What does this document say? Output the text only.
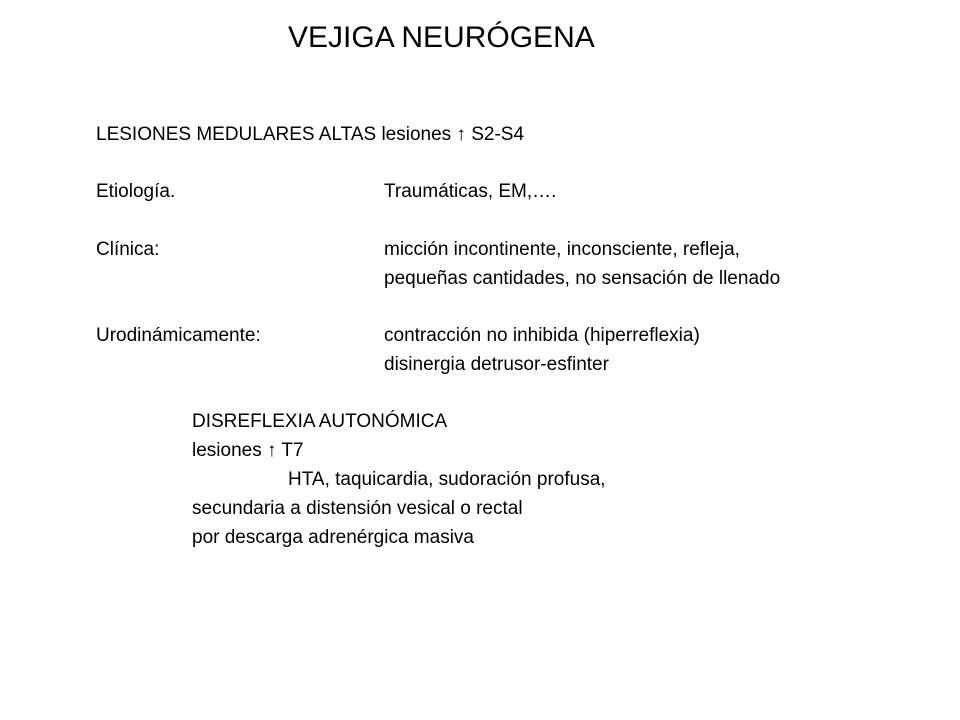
VEJIGA NEURÓGENA
LESIONES MEDULARES ALTAS lesiones ↑ S2-S4
Etiología.	Traumáticas, EM,….
Clínica:	micción incontinente, inconsciente, refleja,
pequeñas cantidades, no sensación de llenado
Urodinámicamente:	contracción no inhibida (hiperreflexia)
disinergia detrusor-esfinter
DISREFLEXIA AUTONÓMICA
lesiones ↑ T7
HTA, taquicardia, sudoración profusa,
secundaria a distensión vesical o rectal
por descarga adrenérgica masiva
